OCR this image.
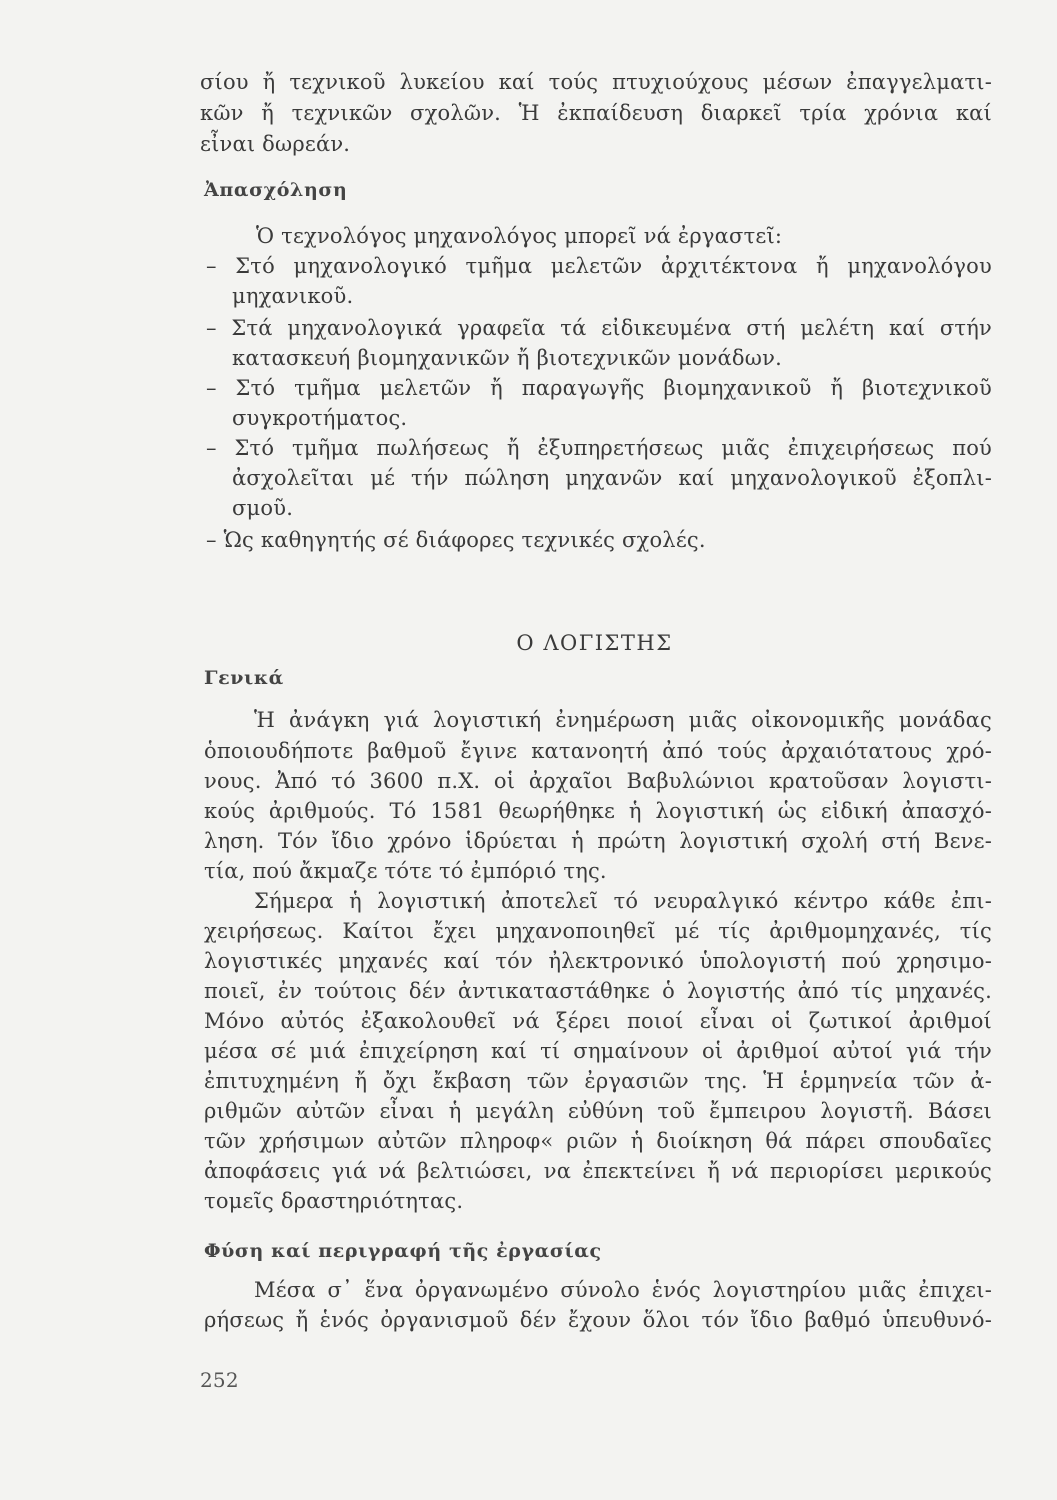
σίου ἤ τεχνικοῦ λυκείου καί τούς πτυχιούχους μέσων ἐπαγγελματι-
κῶν ἤ τεχνικῶν σχολῶν. Ἡ ἐκπαίδευση διαρκεῖ τρία χρόνια καί
εἶναι δωρεάν.
Ἀπασχόληση
Ὁ τεχνολόγος μηχανολόγος μπορεῖ νά ἐργαστεῖ:
– Στό μηχανολογικό τμῆμα μελετῶν ἀρχιτέκτονα ἤ μηχανολόγου
μηχανικοῦ.
– Στά μηχανολογικά γραφεῖα τά εἰδικευμένα στή μελέτη καί στήν
κατασκευή βιομηχανικῶν ἤ βιοτεχνικῶν μονάδων.
– Στό τμῆμα μελετῶν ἤ παραγωγῆς βιομηχανικοῦ ἤ βιοτεχνικοῦ
συγκροτήματος.
– Στό τμῆμα πωλήσεως ἤ ἐξυπηρετήσεως μιᾶς ἐπιχειρήσεως πού
ἀσχολεῖται μέ τήν πώληση μηχανῶν καί μηχανολογικοῦ ἐξοπλι-
σμοῦ.
– Ὡς καθηγητής σέ διάφορες τεχνικές σχολές.
Ο ΛΟΓΙΣΤΗΣ
Γενικά
Ἡ ἀνάγκη γιά λογιστική ἐνημέρωση μιᾶς οἰκονομικῆς μονάδας
ὁποιουδήποτε βαθμοῦ ἔγινε κατανοητή ἀπό τούς ἀρχαιότατους χρό-
νους. Ἀπό τό 3600 π.Χ. οἱ ἀρχαῖοι Βαβυλώνιοι κρατοῦσαν λογιστι-
κούς ἀριθμούς. Τό 1581 θεωρήθηκε ἡ λογιστική ὡς εἰδική ἀπασχό-
ληση. Τόν ἴδιο χρόνο ἱδρύεται ἡ πρώτη λογιστική σχολή στή Βενε-
τία, πού ἄκμαζε τότε τό ἐμπόριό της.
Σήμερα ἡ λογιστική ἀποτελεῖ τό νευραλγικό κέντρο κάθε ἐπι-
χειρήσεως. Καίτοι ἔχει μηχανοποιηθεῖ μέ τίς ἀριθμομηχανές, τίς
λογιστικές μηχανές καί τόν ἠλεκτρονικό ὑπολογιστή πού χρησιμο-
ποιεῖ, ἐν τούτοις δέν ἀντικαταστάθηκε ὁ λογιστής ἀπό τίς μηχανές.
Μόνο αὐτός ἐξακολουθεῖ νά ξέρει ποιοί εἶναι οἱ ζωτικοί ἀριθμοί
μέσα σέ μιά ἐπιχείρηση καί τί σημαίνουν οἱ ἀριθμοί αὐτοί γιά τήν
ἐπιτυχημένη ἤ ὄχι ἔκβαση τῶν ἐργασιῶν της. Ἡ ἑρμηνεία τῶν ἀ-
ριθμῶν αὐτῶν εἶναι ἡ μεγάλη εὐθύνη τοῦ ἔμπειρου λογιστῆ. Βάσει
τῶν χρήσιμων αὐτῶν πληροφ« ριῶν ἡ διοίκηση θά πάρει σπουδαῖες
ἀποφάσεις γιά νά βελτιώσει, να ἐπεκτείνει ἤ νά περιορίσει μερικούς
τομεῖς δραστηριότητας.
Φύση καί περιγραφή τῆς ἐργασίας
Μέσα σ᾿ ἕνα ὀργανωμένο σύνολο ἑνός λογιστηρίου μιᾶς ἐπιχει-
ρήσεως ἤ ἑνός ὀργανισμοῦ δέν ἔχουν ὅλοι τόν ἴδιο βαθμό ὑπευθυνό-
252
